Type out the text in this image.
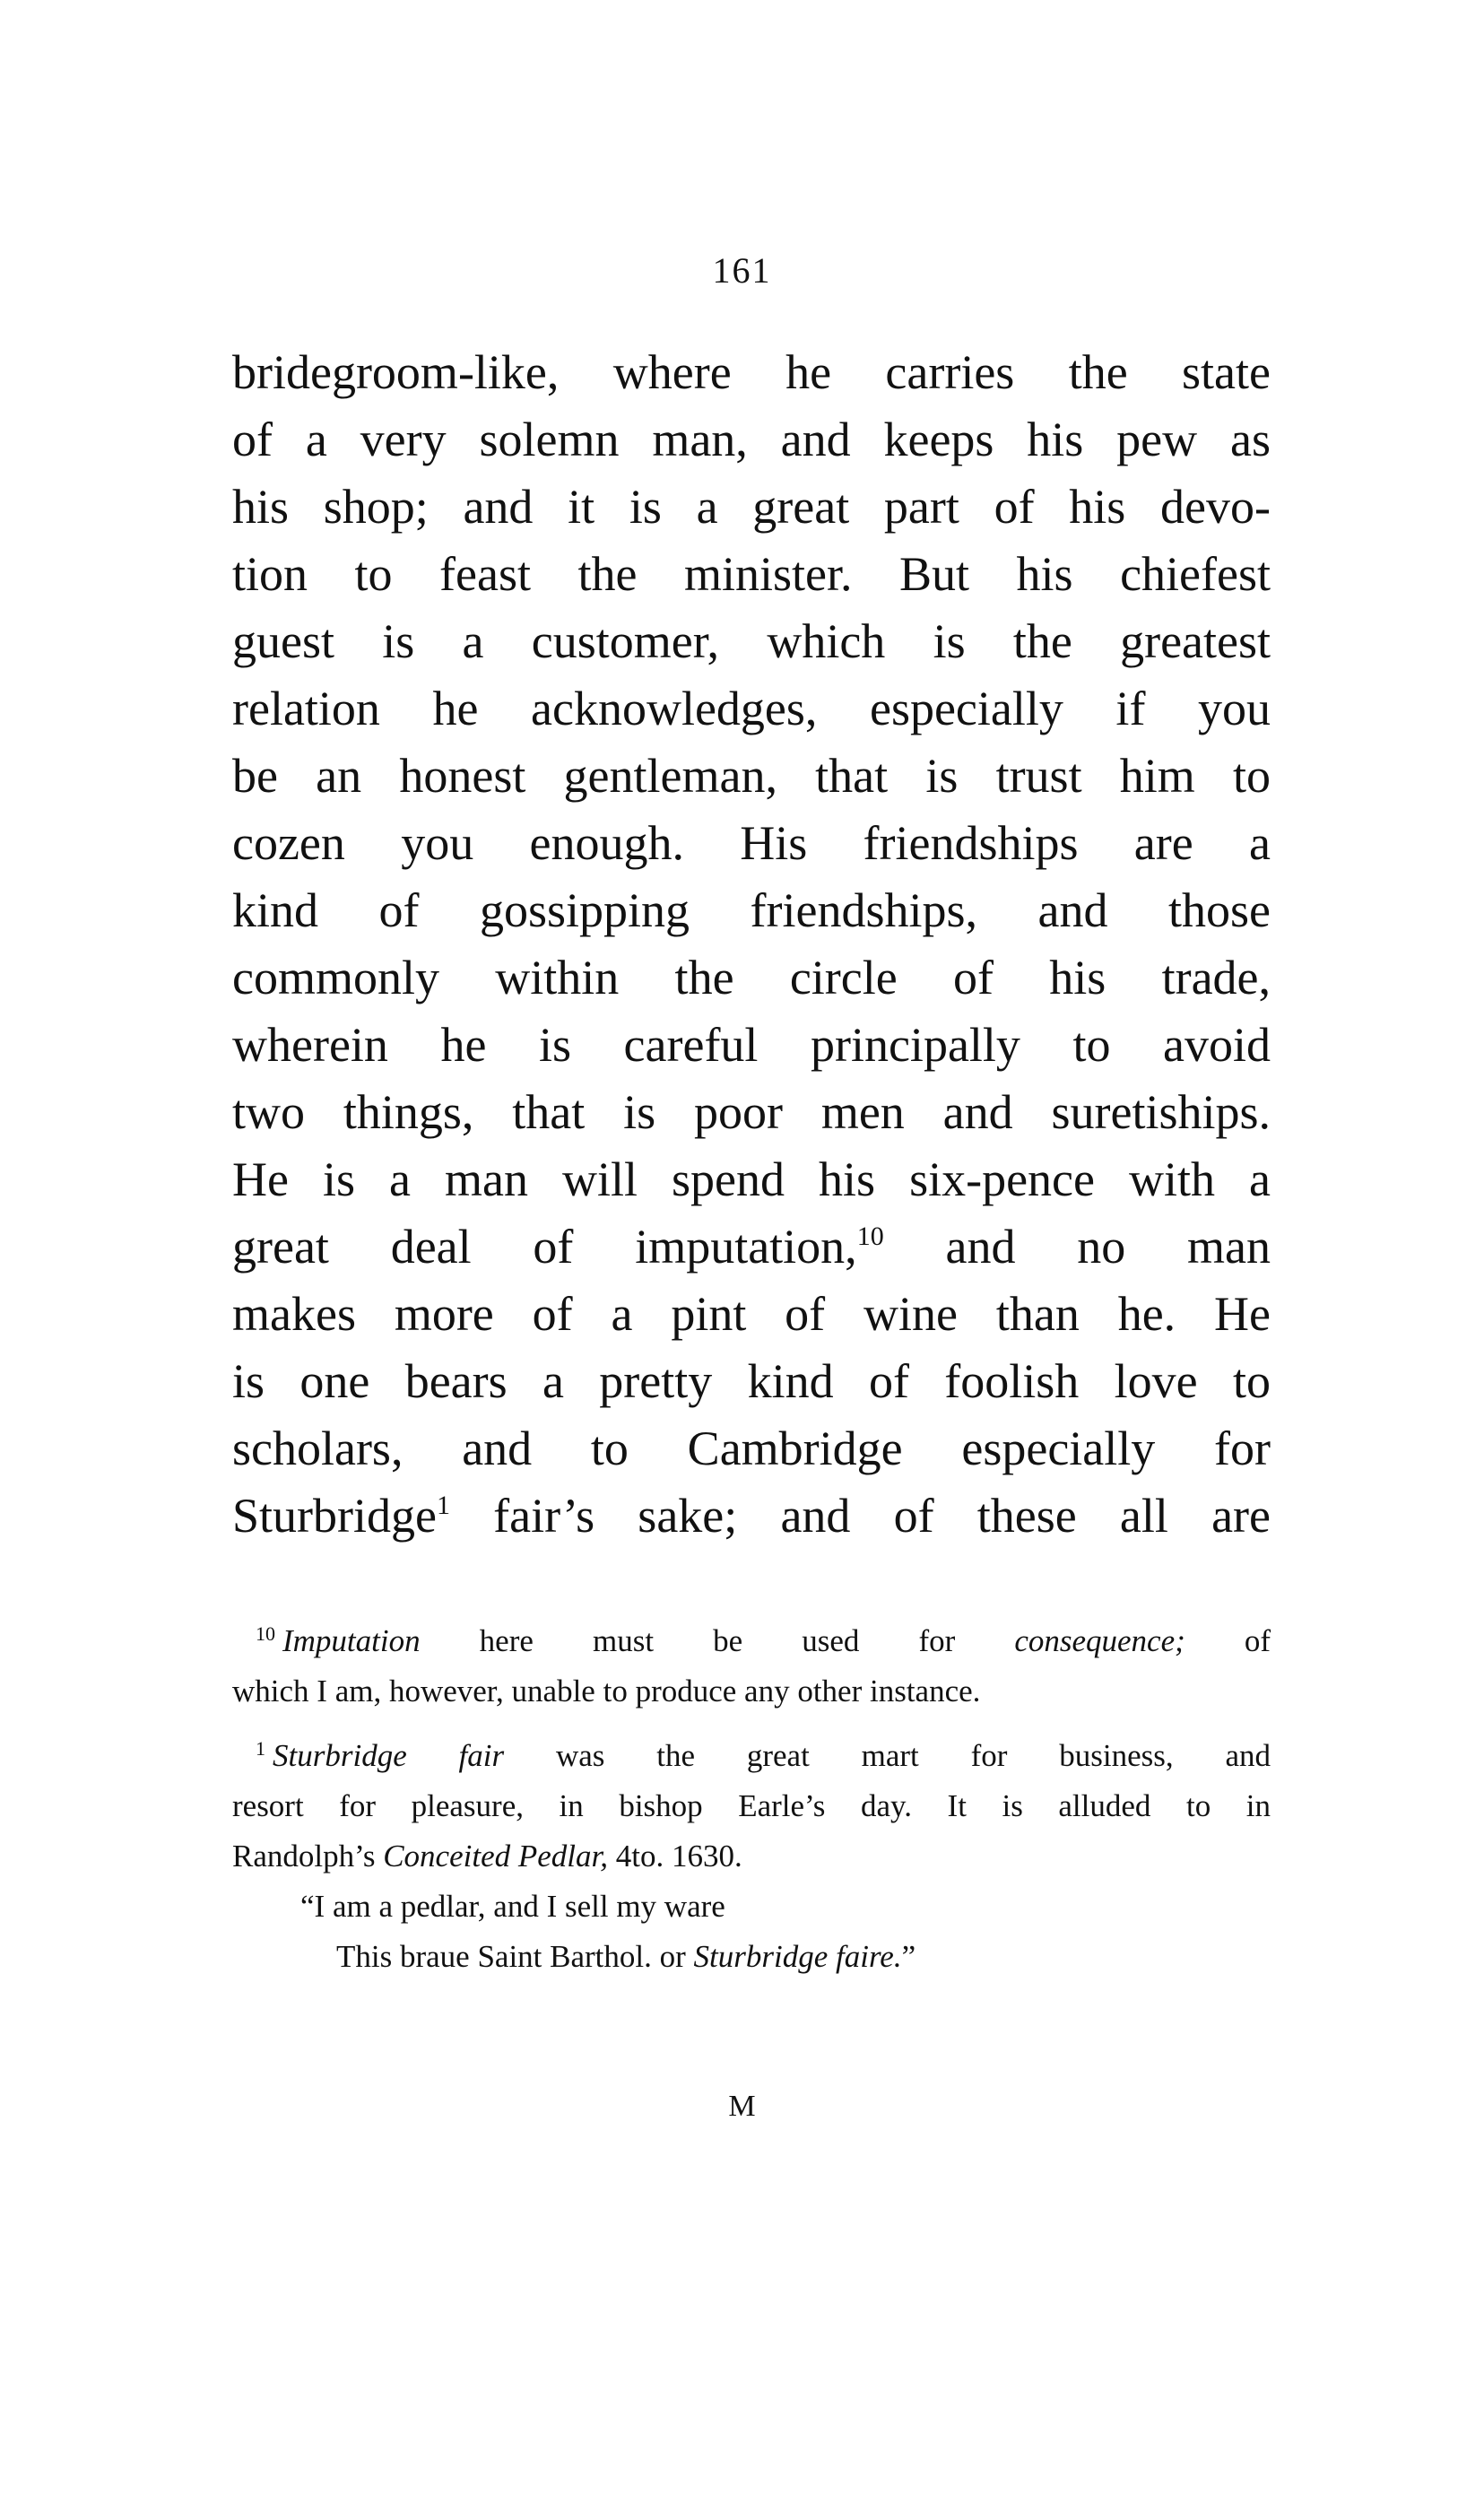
161
bridegroom-like, where he carries the state
of a very solemn man, and keeps his pew as
his shop; and it is a great part of his devo-
tion to feast the minister. But his chiefest
guest is a customer, which is the greatest
relation he acknowledges, especially if you
be an honest gentleman, that is trust him to
cozen you enough. His friendships are a
kind of gossipping friendships, and those
commonly within the circle of his trade,
wherein he is careful principally to avoid
two things, that is poor men and suretiships.
He is a man will spend his six-pence with a
great deal of imputation,$^{10}$ and no man
makes more of a pint of wine than he. He
is one bears a pretty kind of foolish love to
scholars, and to Cambridge especially for
Sturbridge$^1$ fair’s sake; and of these all are
$^{10}$ Imputation here must be used for consequence; of
which I am, however, unable to produce any other instance.
$^1$ Sturbridge fair was the great mart for business, and
resort for pleasure, in bishop Earle’s day. It is alluded to in
Randolph’s Conceited Pedlar, 4to. 1630.
“I am a pedlar, and I sell my ware
This braue Saint Barthol. or Sturbridge faire.”
M
